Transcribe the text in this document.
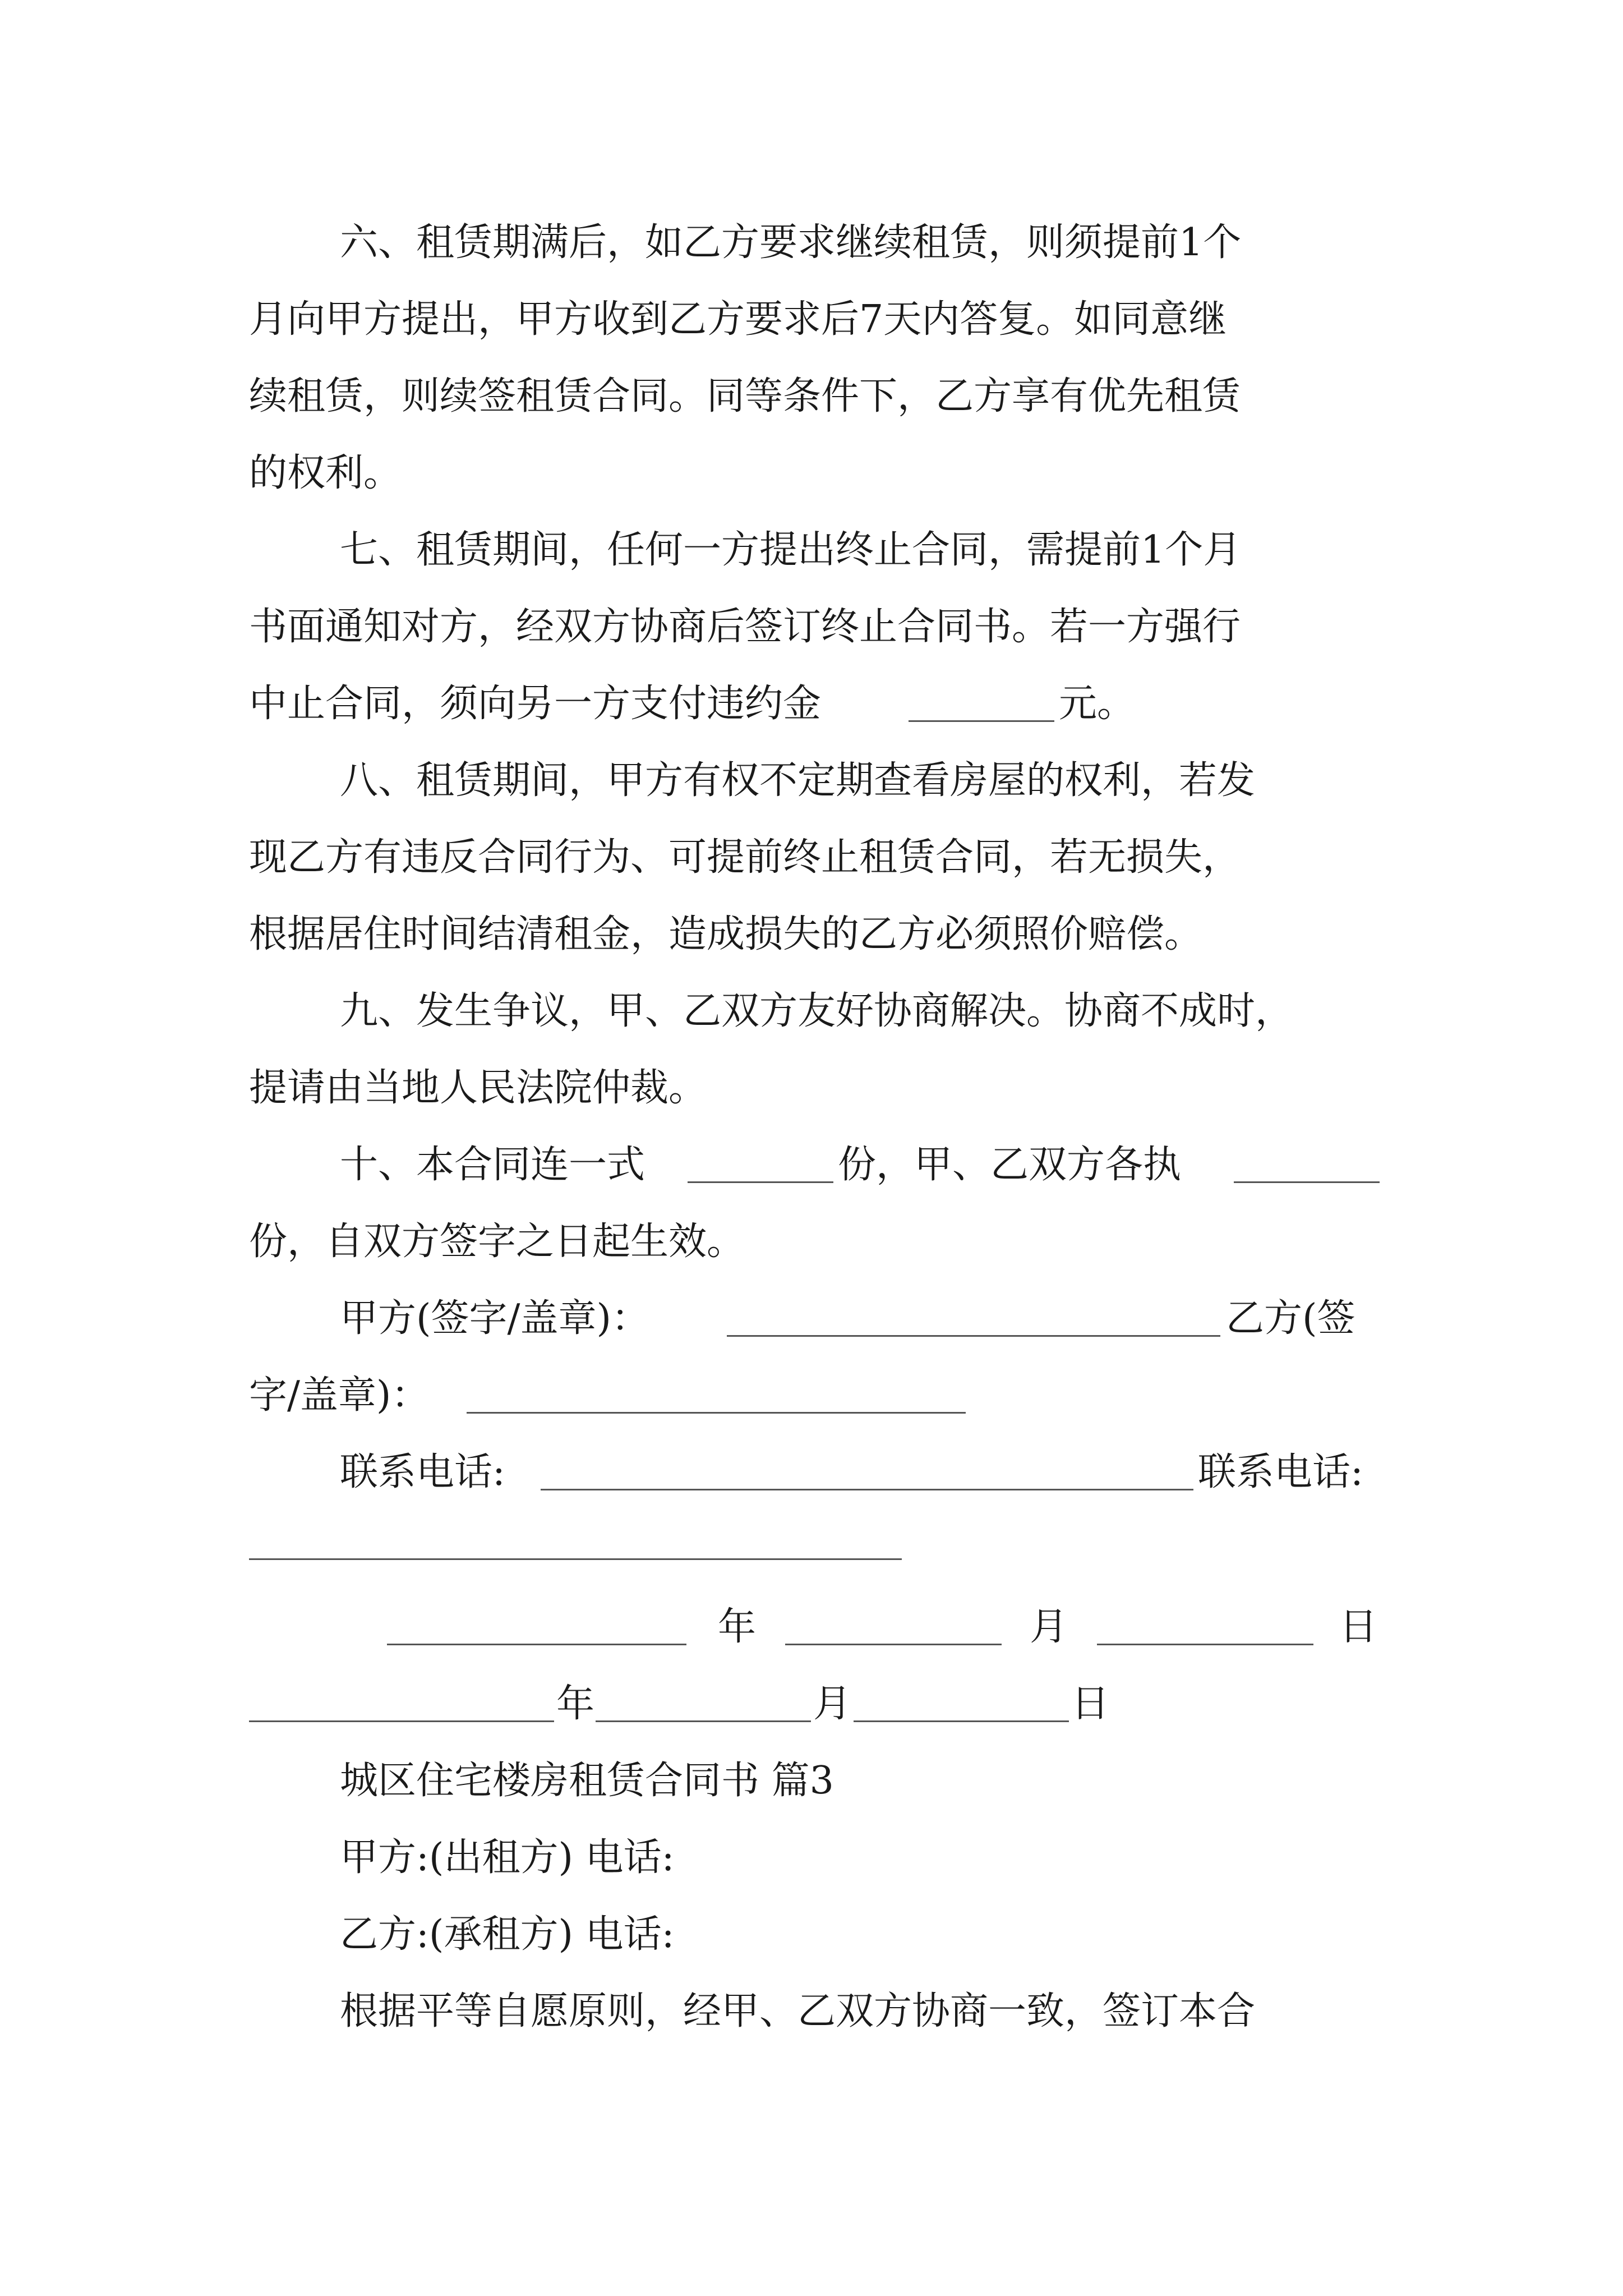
六、租赁期满后，如乙方要求继续租赁，则须提前1个
月向甲方提出，甲方收到乙方要求后7天内答复。如同意继
续租赁，则续签租赁合同。同等条件下，乙方享有优先租赁
的权利。
七、租赁期间，任何一方提出终止合同，需提前1个月
书面通知对方，经双方协商后签订终止合同书。若一方强行
中止合同，须向另一方支付违约金	元。
八、租赁期间，甲方有权不定期查看房屋的权利，若发
现乙方有违反合同行为、可提前终止租赁合同，若无损失，
根据居住时间结清租金，造成损失的乙方必须照价赔偿。
九、发生争议，甲、乙双方友好协商解决。协商不成时，
提请由当地人民法院仲裁。
十、本合同连一式	份，甲、乙双方各执
份，自双方签字之日起生效。
甲方(签字/盖章)：	乙方(签
字/盖章)：
联系电话:	联系电话:
年	月	日
年	月	日
城区住宅楼房租赁合同书 篇3
甲方:(出租方) 电话:
乙方:(承租方) 电话:
根据平等自愿原则，经甲、乙双方协商一致，签订本合
